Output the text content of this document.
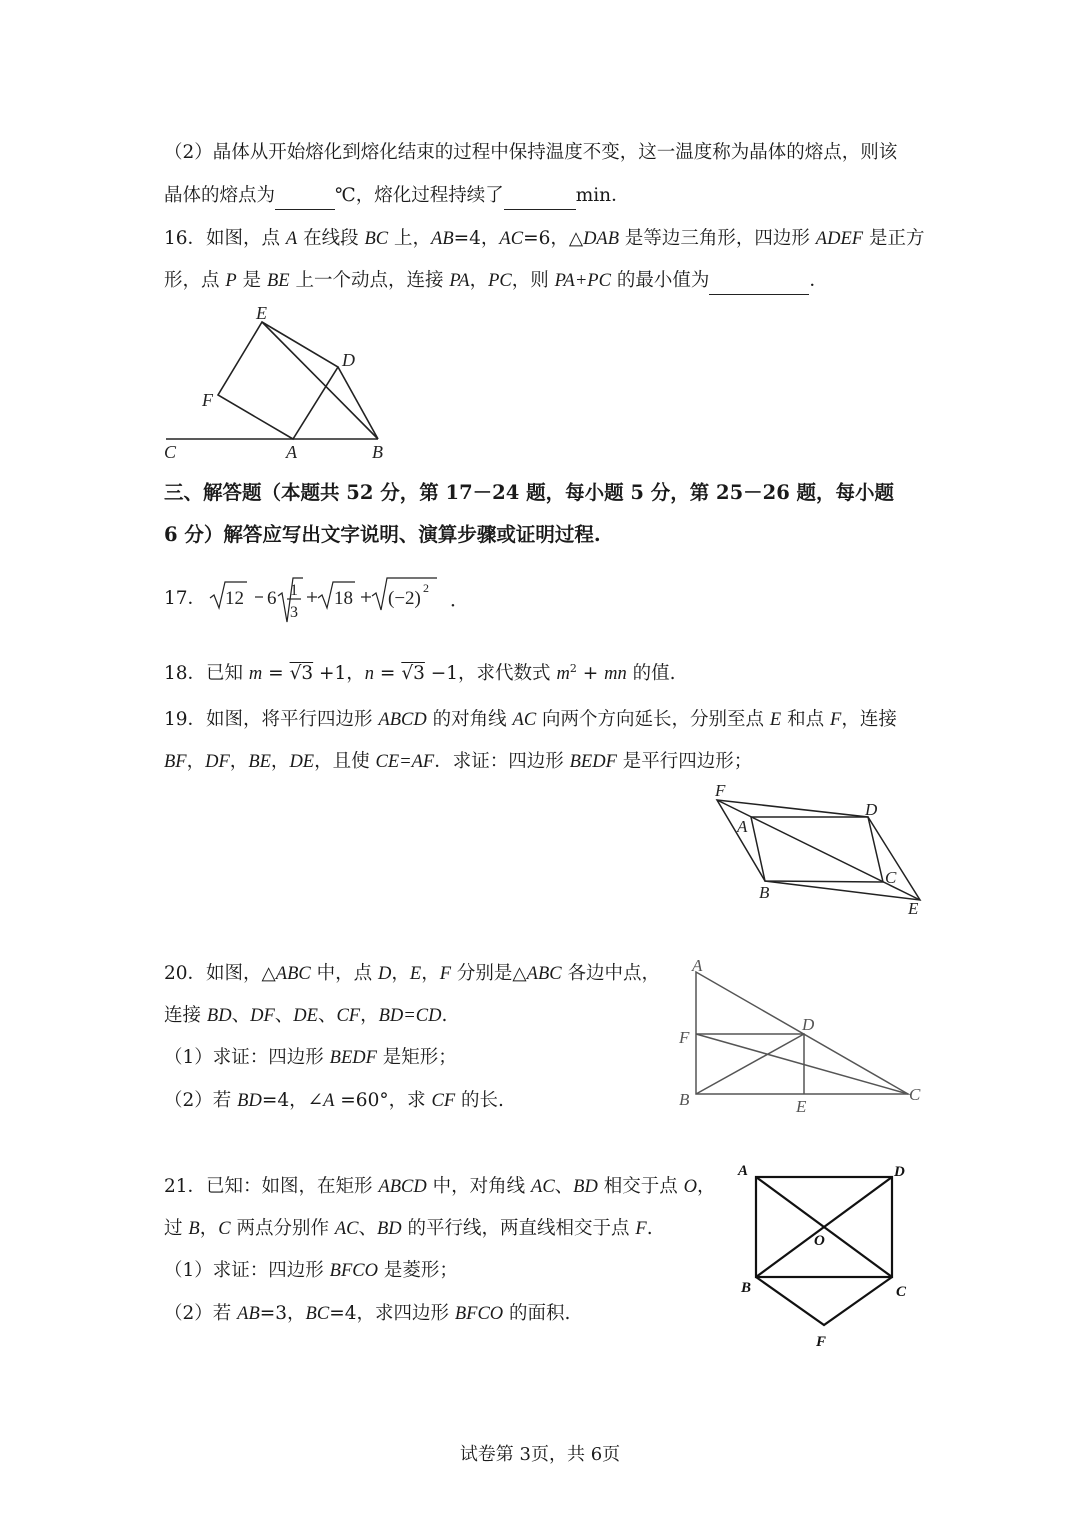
（2）晶体从开始熔化到熔化结束的过程中保持温度不变，这一温度称为晶体的熔点，则该
晶体的熔点为	℃，熔化过程持续了	min．
16．如图，点 A 在线段 BC 上，AB=4，AC=6，△DAB 是等边三角形，四边形 ADEF 是正方
形，点 P 是 BE 上一个动点，连接 PA，PC，则 PA+PC 的最小值为	．
E
D
F
C	A	B
三、解答题（本题共 52 分，第 17－24 题，每小题 5 分，第 25－26 题，每小题
6 分）解答应写出文字说明、演算步骤或证明过程.
17． 12 6 1
3
18 (−2) 2
．
18．已知 m = √3 +1，n = √3 −1，求代数式 $m^2$ + mn 的值.
19．如图，将平行四边形 ABCD 的对角线 AC 向两个方向延长，分别至点 E 和点 F，连接
BF，DF，BE，DE，且使 CE=AF．求证：四边形 BEDF 是平行四边形；
F
D
A
C
B
E
20．如图，△ABC 中，点 D，E，F 分别是△ABC 各边中点，
连接 BD、DF、DE、CF，BD=CD.
（1）求证：四边形 BEDF 是矩形；
（2）若 BD=4，∠A =60°，求 CF 的长.
A
D
F
B	E
C
21．已知：如图，在矩形 ABCD 中，对角线 AC、BD 相交于点 O，
过 B，C 两点分别作 AC、BD 的平行线，两直线相交于点 F.
（1）求证：四边形 BFCO 是菱形；
（2）若 AB=3，BC=4，求四边形 BFCO 的面积.
A	D
O
B	C
F
试卷第 3页，共 6页
